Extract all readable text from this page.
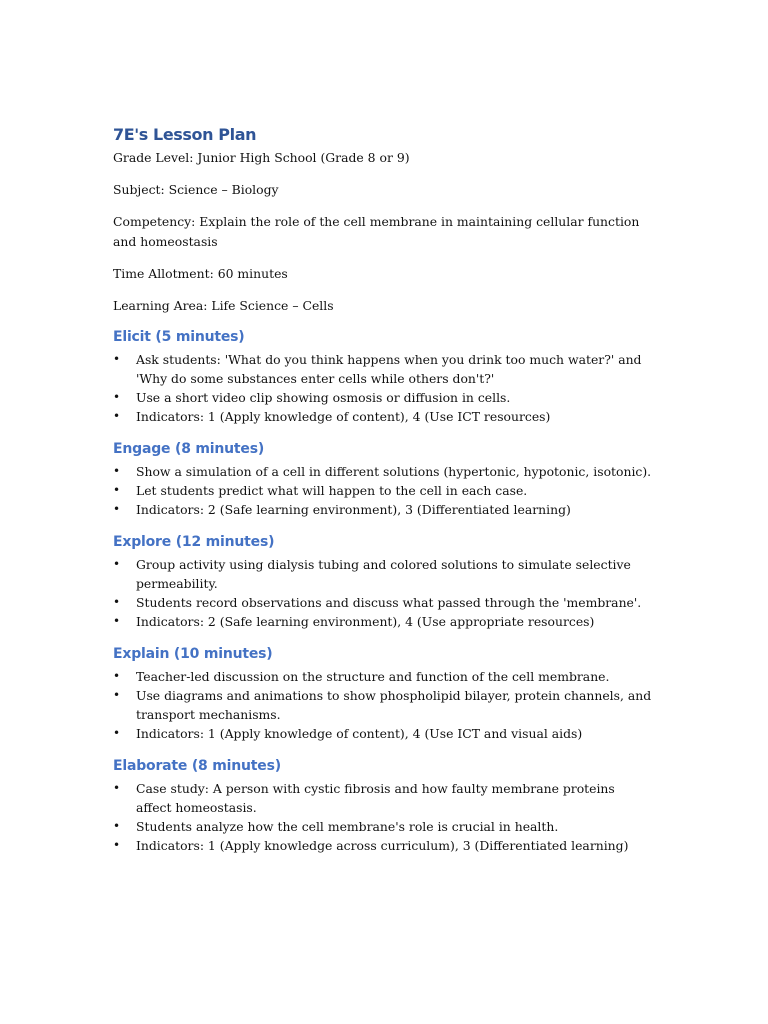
7E's Lesson Plan

Grade Level: Junior High School (Grade 8 or 9)

Subject: Science – Biology

Competency: Explain the role of the cell membrane in maintaining cellular function and homeostasis

Time Allotment: 60 minutes

Learning Area: Life Science – Cells

Elicit (5 minutes)
• Ask students: 'What do you think happens when you drink too much water?' and 'Why do some substances enter cells while others don't?'
• Use a short video clip showing osmosis or diffusion in cells.
• Indicators: 1 (Apply knowledge of content), 4 (Use ICT resources)
Engage (8 minutes)
• Show a simulation of a cell in different solutions (hypertonic, hypotonic, isotonic).
• Let students predict what will happen to the cell in each case.
• Indicators: 2 (Safe learning environment), 3 (Differentiated learning)
Explore (12 minutes)
• Group activity using dialysis tubing and colored solutions to simulate selective permeability.
• Students record observations and discuss what passed through the 'membrane'.
• Indicators: 2 (Safe learning environment), 4 (Use appropriate resources)
Explain (10 minutes)
• Teacher-led discussion on the structure and function of the cell membrane.
• Use diagrams and animations to show phospholipid bilayer, protein channels, and transport mechanisms.
• Indicators: 1 (Apply knowledge of content), 4 (Use ICT and visual aids)
Elaborate (8 minutes)
• Case study: A person with cystic fibrosis and how faulty membrane proteins affect homeostasis.
• Students analyze how the cell membrane's role is crucial in health.
• Indicators: 1 (Apply knowledge across curriculum), 3 (Differentiated learning)
